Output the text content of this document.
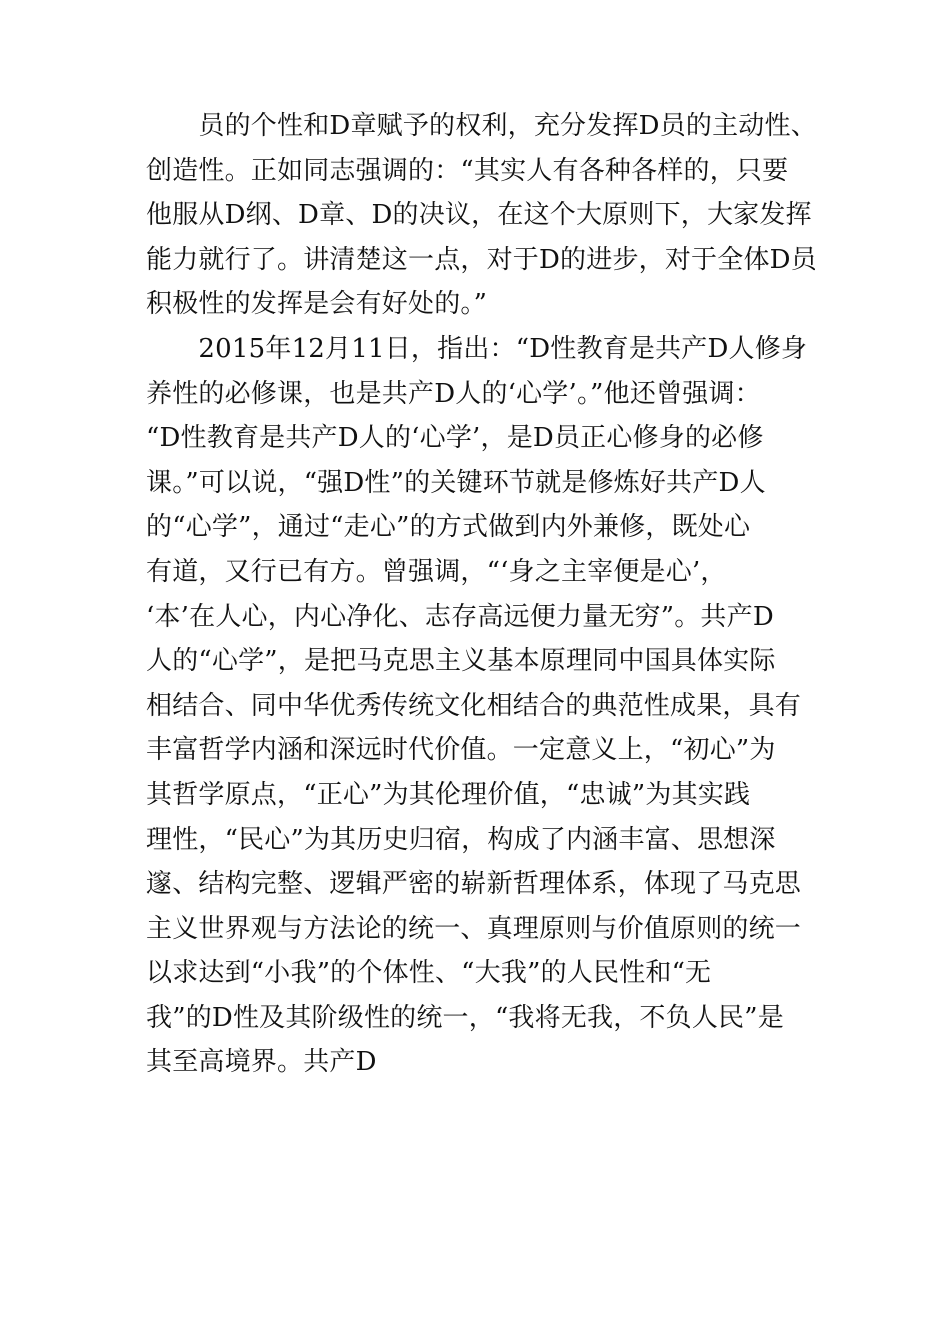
　　员的个性和D章赋予的权利，充分发挥D员的主动性、
创造性。正如同志强调的：“其实人有各种各样的，只要
他服从D纲、D章、D的决议，在这个大原则下，大家发挥
能力就行了。讲清楚这一点，对于D的进步，对于全体D员
积极性的发挥是会有好处的。”
　　2015年12月11日，指出：“D性教育是共产D人修身
养性的必修课，也是共产D人的‘心学’。”他还曾强调：
“D性教育是共产D人的‘心学’，是D员正心修身的必修
课。”可以说，“强D性”的关键环节就是修炼好共产D人
的“心学”，通过“走心”的方式做到内外兼修，既处心
有道，又行已有方。曾强调，“‘身之主宰便是心’，
‘本’在人心，内心净化、志存高远便力量无穷”。共产D
人的“心学”，是把马克思主义基本原理同中国具体实际
相结合、同中华优秀传统文化相结合的典范性成果，具有
丰富哲学内涵和深远时代价值。一定意义上，“初心”为
其哲学原点，“正心”为其伦理价值，“忠诚”为其实践
理性，“民心”为其历史归宿，构成了内涵丰富、思想深
邃、结构完整、逻辑严密的崭新哲理体系，体现了马克思
主义世界观与方法论的统一、真理原则与价值原则的统一
以求达到“小我”的个体性、“大我”的人民性和“无
我”的D性及其阶级性的统一，“我将无我，不负人民”是
其至高境界。共产D
